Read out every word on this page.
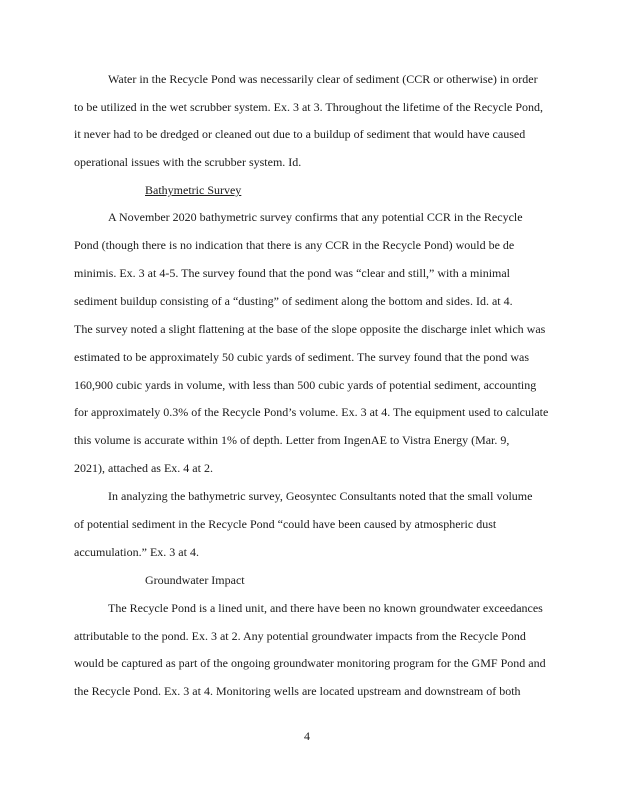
Water in the Recycle Pond was necessarily clear of sediment (CCR or otherwise) in order
to be utilized in the wet scrubber system. Ex. 3 at 3. Throughout the lifetime of the Recycle Pond,
it never had to be dredged or cleaned out due to a buildup of sediment that would have caused
operational issues with the scrubber system. Id.
Bathymetric Survey
A November 2020 bathymetric survey confirms that any potential CCR in the Recycle
Pond (though there is no indication that there is any CCR in the Recycle Pond) would be de
minimis. Ex. 3 at 4-5. The survey found that the pond was “clear and still,” with a minimal
sediment buildup consisting of a “dusting” of sediment along the bottom and sides. Id. at 4.
The survey noted a slight flattening at the base of the slope opposite the discharge inlet which was
estimated to be approximately 50 cubic yards of sediment. The survey found that the pond was
160,900 cubic yards in volume, with less than 500 cubic yards of potential sediment, accounting
for approximately 0.3% of the Recycle Pond’s volume. Ex. 3 at 4. The equipment used to calculate
this volume is accurate within 1% of depth. Letter from IngenAE to Vistra Energy (Mar. 9,
2021), attached as Ex. 4 at 2.
In analyzing the bathymetric survey, Geosyntec Consultants noted that the small volume
of potential sediment in the Recycle Pond “could have been caused by atmospheric dust
accumulation.” Ex. 3 at 4.
Groundwater Impact
The Recycle Pond is a lined unit, and there have been no known groundwater exceedances
attributable to the pond. Ex. 3 at 2. Any potential groundwater impacts from the Recycle Pond
would be captured as part of the ongoing groundwater monitoring program for the GMF Pond and
the Recycle Pond. Ex. 3 at 4. Monitoring wells are located upstream and downstream of both
4
